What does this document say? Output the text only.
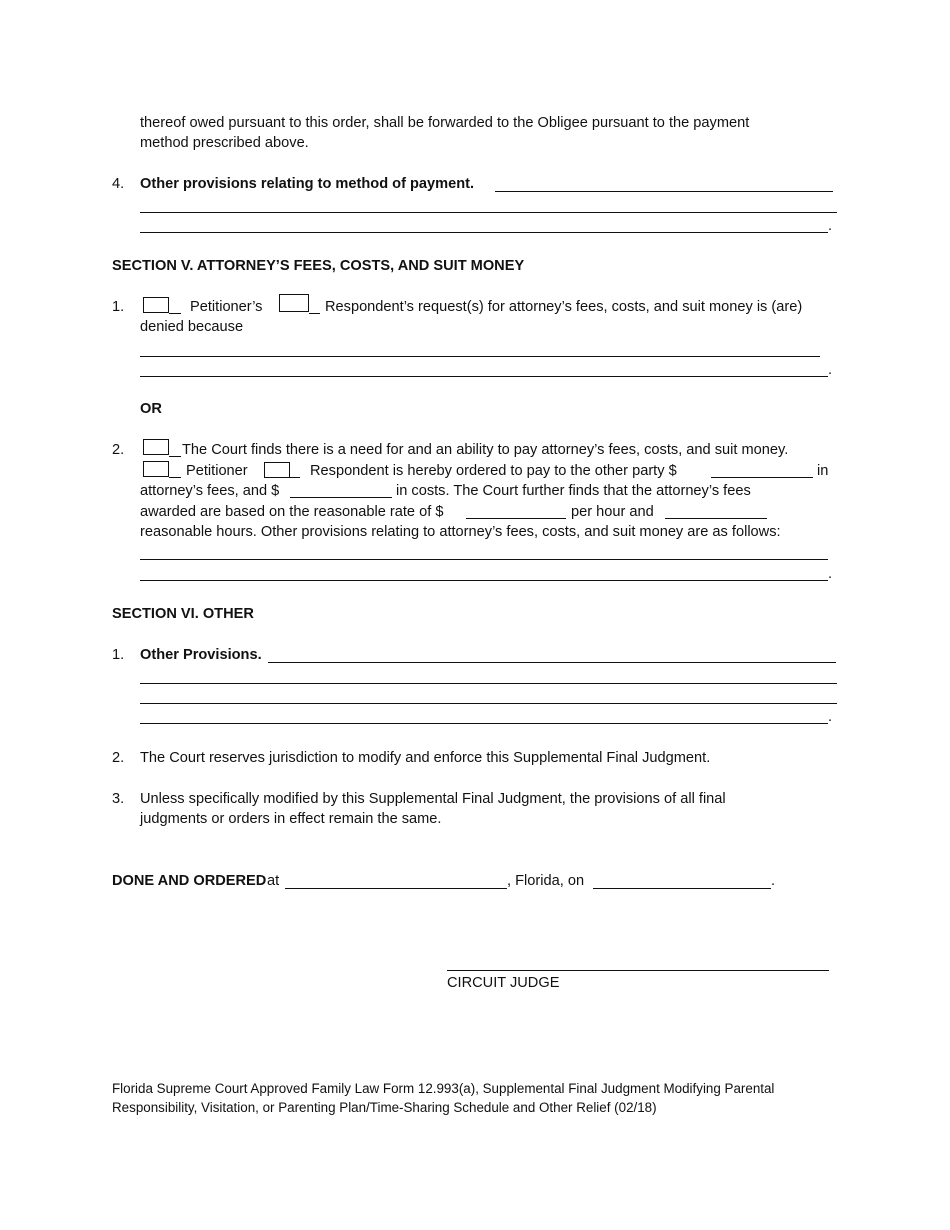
thereof owed pursuant to this order, shall be forwarded to the Obligee pursuant to the payment
method prescribed above.
4. Other provisions relating to method of payment.
.
SECTION V. ATTORNEY’S FEES, COSTS, AND SUIT MONEY
1.	Petitioner’s	Respondent’s request(s) for attorney’s fees, costs, and suit money is (are)
denied because
.
OR
2.	The Court finds there is a need for and an ability to pay attorney’s fees, costs, and suit money.
Petitioner	Respondent is hereby ordered to pay to the other party $	in
attorney’s fees, and $	in costs. The Court further finds that the attorney’s fees
awarded are based on the reasonable rate of $	per hour and
reasonable hours. Other provisions relating to attorney’s fees, costs, and suit money are as follows:
.
SECTION VI. OTHER
1. Other Provisions.
.
2. The Court reserves jurisdiction to modify and enforce this Supplemental Final Judgment.
3. Unless specifically modified by this Supplemental Final Judgment, the provisions of all final
judgments or orders in effect remain the same.
DONE AND ORDERED at	, Florida, on	.
CIRCUIT JUDGE
Florida Supreme Court Approved Family Law Form 12.993(a), Supplemental Final Judgment Modifying Parental
Responsibility, Visitation, or Parenting Plan/Time-Sharing Schedule and Other Relief (02/18)
